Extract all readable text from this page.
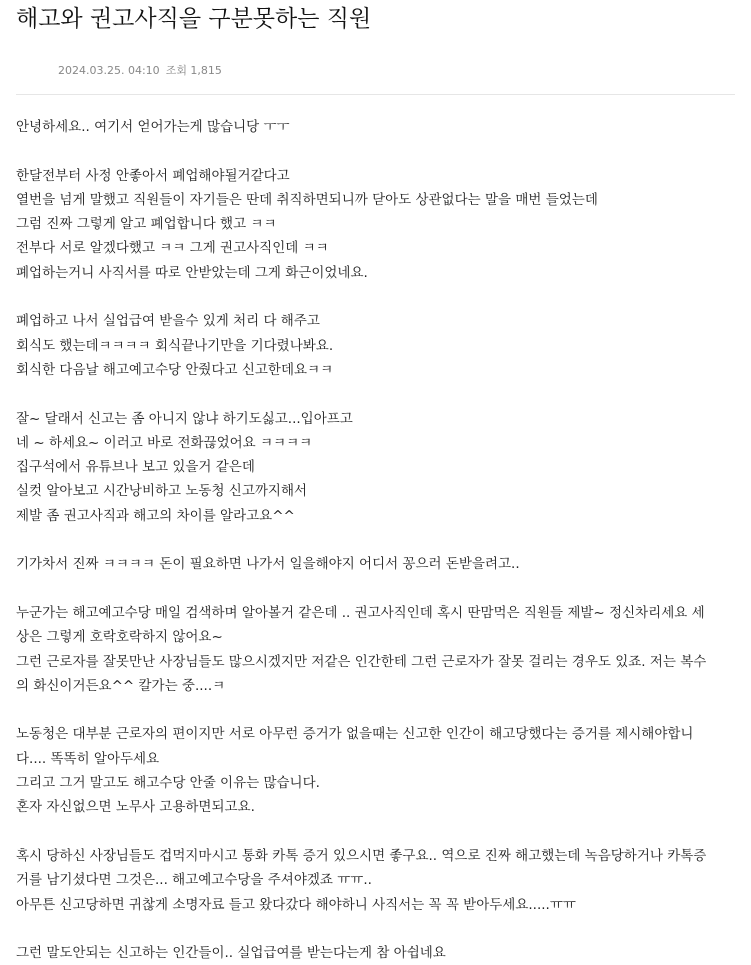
해고와 권고사직을 구분못하는 직원
2024.03.25. 04:10 조회 1,815
안녕하세요.. 여기서 얻어가는게 많습니당 ㅜㅜ
한달전부터 사정 안좋아서 폐업해야될거같다고
열번을 넘게 말했고 직원들이 자기들은 딴데 취직하면되니까 닫아도 상관없다는 말을 매번 들었는데
그럼 진짜 그렇게 알고 폐업합니다 했고 ㅋㅋ
전부다 서로 알겠다했고 ㅋㅋ 그게 권고사직인데 ㅋㅋ
폐업하는거니 사직서를 따로 안받았는데 그게 화근이었네요.
폐업하고 나서 실업급여 받을수 있게 처리 다 해주고
회식도 했는데ㅋㅋㅋㅋ 회식끝나기만을 기다렸나봐요.
회식한 다음날 해고예고수당 안줬다고 신고한데요ㅋㅋ
잘~ 달래서 신고는 좀 아니지 않냐 하기도싫고...입아프고
네 ~ 하세요~ 이러고 바로 전화끊었어요 ㅋㅋㅋㅋ
집구석에서 유튜브나 보고 있을거 같은데
실컷 알아보고 시간낭비하고 노동청 신고까지해서
제발 좀 권고사직과 해고의 차이를 알라고요^^
기가차서 진짜 ㅋㅋㅋㅋ 돈이 필요하면 나가서 일을해야지 어디서 꽁으러 돈받을려고..
누군가는 해고예고수당 매일 검색하며 알아볼거 같은데 .. 권고사직인데 혹시 딴맘먹은 직원들 제발~ 정신차리세요 세
상은 그렇게 호락호락하지 않어요~
그런 근로자를 잘못만난 사장님들도 많으시겠지만 저같은 인간한테 그런 근로자가 잘못 걸리는 경우도 있죠. 저는 복수
의 화신이거든요^^ 칼가는 중....ㅋ
노동청은 대부분 근로자의 편이지만 서로 아무런 증거가 없을때는 신고한 인간이 해고당했다는 증거를 제시해야합니
다.... 똑똑히 알아두세요
그리고 그거 말고도 해고수당 안줄 이유는 많습니다.
혼자 자신없으면 노무사 고용하면되고요.
혹시 당하신 사장님들도 겁먹지마시고 통화 카톡 증거 있으시면 좋구요.. 역으로 진짜 해고했는데 녹음당하거나 카톡증
거를 남기셨다면 그것은... 해고예고수당을 주셔야겠죠 ㅠㅠ..
아무튼 신고당하면 귀찮게 소명자료 들고 왔다갔다 해야하니 사직서는 꼭 꼭 받아두세요.....ㅠㅠ
그런 말도안되는 신고하는 인간들이.. 실업급여를 받는다는게 참 아쉽네요
